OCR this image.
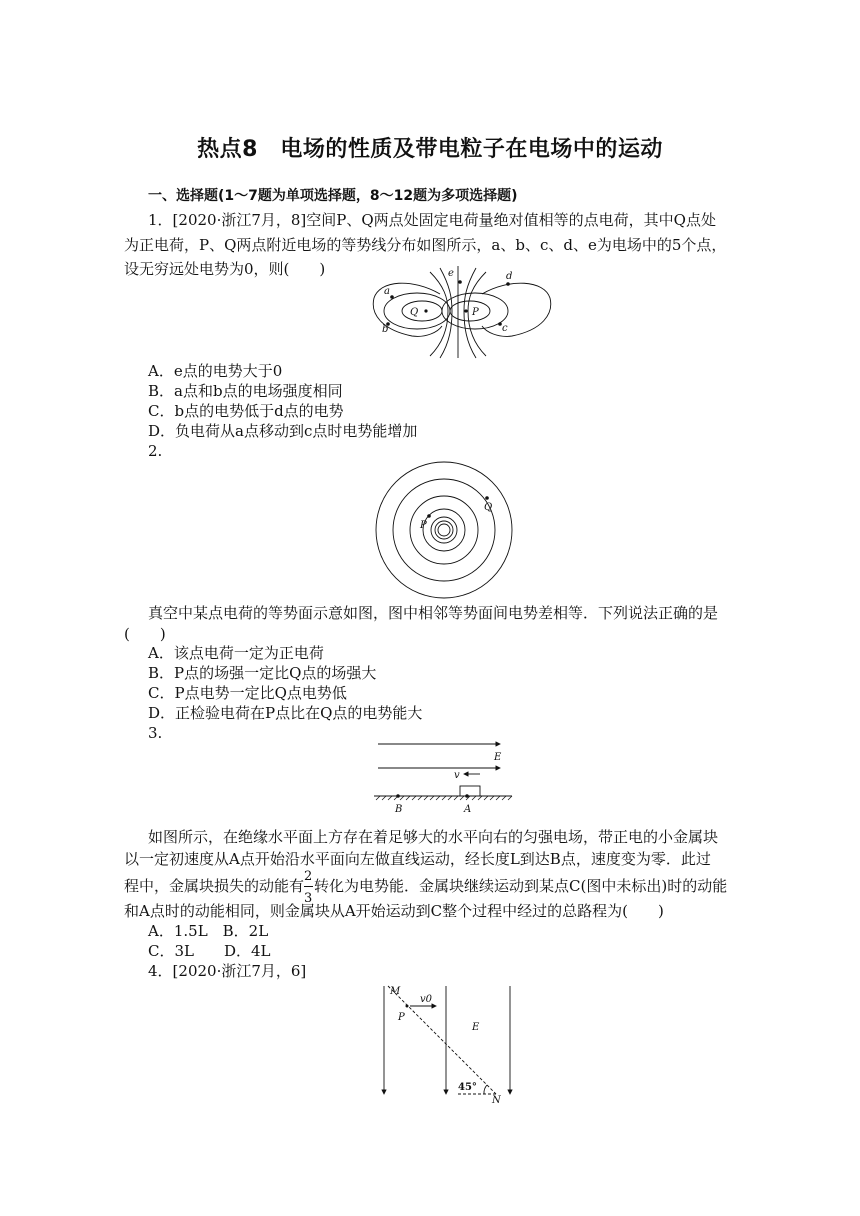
热点8　电场的性质及带电粒子在电场中的运动
一、选择题(1～7题为单项选择题，8～12题为多项选择题)
1．[2020·浙江7月，8]空间P、Q两点处固定电荷量绝对值相等的点电荷，其中Q点处
为正电荷，P、Q两点附近电场的等势线分布如图所示，a、b、c、d、e为电场中的5个点，
设无穷远处电势为0，则(　　)
a
b	c
d
e
Q	P
A．e点的电势大于0
B．a点和b点的电场强度相同
C．b点的电势低于d点的电势
D．负电荷从a点移动到c点时电势能增加
2.
P
Q
真空中某点电荷的等势面示意如图，图中相邻等势面间电势差相等．下列说法正确的是
(　　)
A．该点电荷一定为正电荷
B．P点的场强一定比Q点的场强大
C．P点电势一定比Q点电势低
D．正检验电荷在P点比在Q点的电势能大
3.
E
v
B	A
如图所示，在绝缘水平面上方存在着足够大的水平向右的匀强电场，带正电的小金属块
以一定初速度从A点开始沿水平面向左做直线运动，经长度L到达B点，速度变为零．此过
程中，金属块损失的动能有 $\frac{2}{3}$ 转化为电势能．金属块继续运动到某点C(图中未标出)时的动能
和A点时的动能相同，则金属块从A开始运动到C整个过程中经过的总路程为(　　)
A．1.5L　B．2L
C．3L　　D．4L
4．[2020·浙江7月，6]
M
v0
P
E
45°
N
